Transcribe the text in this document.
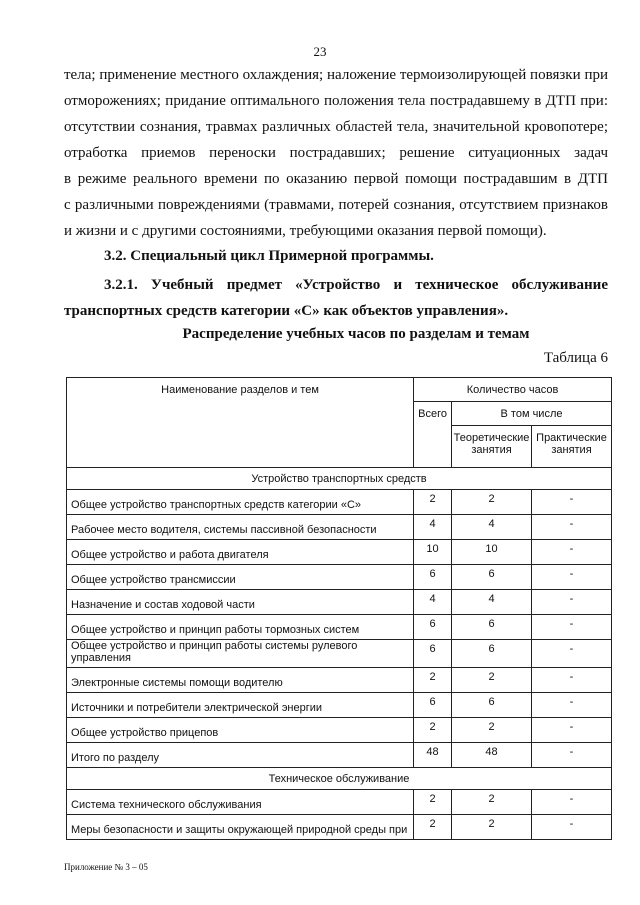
23
тела; применение местного охлаждения; наложение термоизолирующей повязки при
отморожениях; придание оптимального положения тела пострадавшему в ДТП при:
отсутствии сознания, травмах различных областей тела, значительной кровопотере;
отработка приемов переноски пострадавших; решение ситуационных задач
в режиме реального времени по оказанию первой помощи пострадавшим в ДТП
с различными повреждениями (травмами, потерей сознания, отсутствием признаков
и жизни и с другими состояниями, требующими оказания первой помощи).
3.2. Специальный цикл Примерной программы.
3.2.1. Учебный предмет «Устройство и техническое обслуживание
транспортных средств категории «С» как объектов управления».
Распределение учебных часов по разделам и темам
Таблица 6
Наименование разделов и тем	Количество часов		
	Всего	В том числе	
		Теоретические занятия	Практические занятия
Устройство транспортных средств			
Общее устройство транспортных средств категории «С»	2	2	-
Рабочее место водителя, системы пассивной безопасности	4	4	-
Общее устройство и работа двигателя	10	10	-
Общее устройство трансмиссии	6	6	-
Назначение и состав ходовой части	4	4	-
Общее устройство и принцип работы тормозных систем	6	6	-
Общее устройство и принцип работы системы рулевого управления	6	6	-
Электронные системы помощи водителю	2	2	-
Источники и потребители электрической энергии	6	6	-
Общее устройство прицепов	2	2	-
Итого по разделу	48	48	-
Техническое обслуживание			
Система технического обслуживания	2	2	-
Меры безопасности и защиты окружающей природной среды при	2	2	-
Приложение № 3 – 05
